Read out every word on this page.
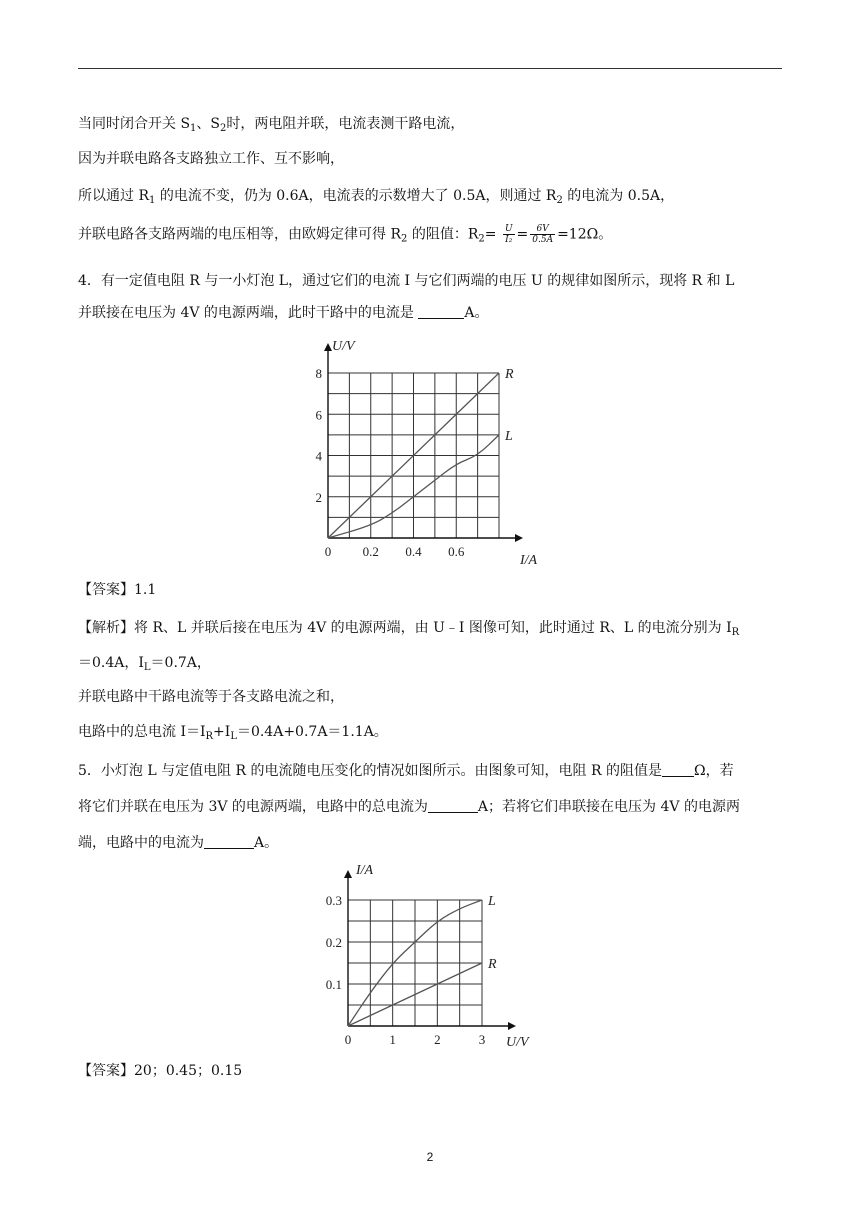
当同时闭合开关 $S_1$、$S_2$时，两电阻并联，电流表测干路电流，
因为并联电路各支路独立工作、互不影响，
所以通过 $R_1$ 的电流不变，仍为 0.6A，电流表的示数增大了 0.5A，则通过 $R_2$ 的电流为 0.5A，
并联电路各支路两端的电压相等，由欧姆定律可得 $R_2$ 的阻值：$R_2= \frac{U}{\text{I₂}} = \frac{6V}{0.5A} =12\Omega$。
4．有一定值电阻 R 与一小灯泡 L，通过它们的电流 I 与它们两端的电压 U 的规律如图所示，现将 R 和 L
并联接在电压为 4V 的电源两端，此时干路中的电流是	A。
0 0.2 0.4 0.6
2
4
6
8
I/A
U/V
R
L
【答案】1.1
【解析】将 R、L 并联后接在电压为 4V 的电源两端，由 U﹣I 图像可知，此时通过 R、L 的电流分别为 $I_R$
＝0.4A，$I_L=0.7A$，
并联电路中干路电流等于各支路电流之和，
电路中的总电流 $I=I_R+I_L=0.4A+0.7A=1.1A$。
5．小灯泡 L 与定值电阻 R 的电流随电压变化的情况如图所示。由图象可知，电阻 R 的阻值是 Ω，若
将它们并联在电压为 3V 的电源两端，电路中的总电流为	A；若将它们串联接在电压为 4V 的电源两
端，电路中的电流为	A。
0	1	2	3
0.1
0.2
0.3
U/V
I/A
L
R
【答案】20；0.45；0.15
2
